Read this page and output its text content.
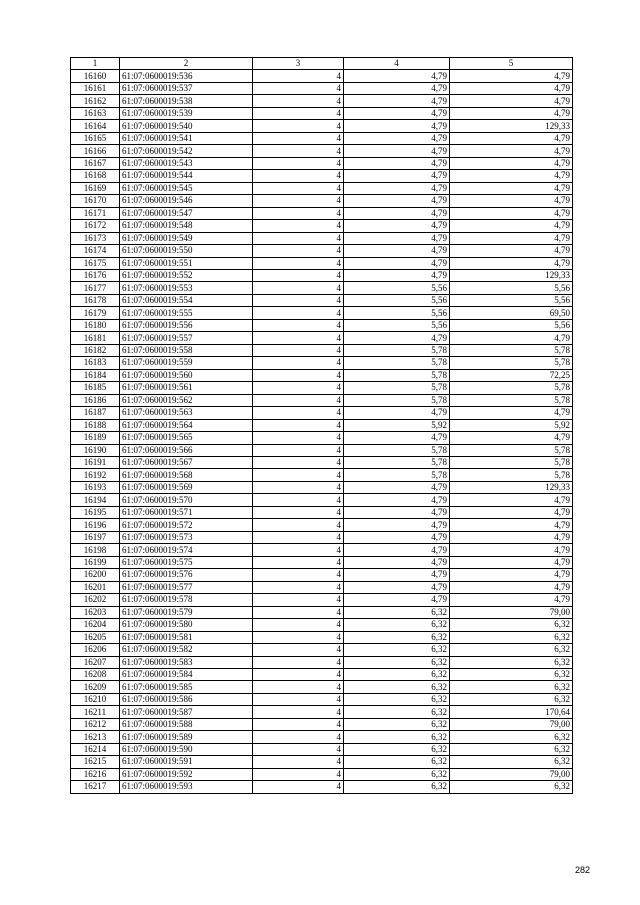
1	2	3	4	5
16160	61:07:0600019:536	4	4,79	4,79
16161	61:07:0600019:537	4	4,79	4,79
16162	61:07:0600019:538	4	4,79	4,79
16163	61:07:0600019:539	4	4,79	4,79
16164	61:07:0600019:540	4	4,79	129,33
16165	61:07:0600019:541	4	4,79	4,79
16166	61:07:0600019:542	4	4,79	4,79
16167	61:07:0600019:543	4	4,79	4,79
16168	61:07:0600019:544	4	4,79	4,79
16169	61:07:0600019:545	4	4,79	4,79
16170	61:07:0600019:546	4	4,79	4,79
16171	61:07:0600019:547	4	4,79	4,79
16172	61:07:0600019:548	4	4,79	4,79
16173	61:07:0600019:549	4	4,79	4,79
16174	61:07:0600019:550	4	4,79	4,79
16175	61:07:0600019:551	4	4,79	4,79
16176	61:07:0600019:552	4	4,79	129,33
16177	61:07:0600019:553	4	5,56	5,56
16178	61:07:0600019:554	4	5,56	5,56
16179	61:07:0600019:555	4	5,56	69,50
16180	61:07:0600019:556	4	5,56	5,56
16181	61:07:0600019:557	4	4,79	4,79
16182	61:07:0600019:558	4	5,78	5,78
16183	61:07:0600019:559	4	5,78	5,78
16184	61:07:0600019:560	4	5,78	72,25
16185	61:07:0600019:561	4	5,78	5,78
16186	61:07:0600019:562	4	5,78	5,78
16187	61:07:0600019:563	4	4,79	4,79
16188	61:07:0600019:564	4	5,92	5,92
16189	61:07:0600019:565	4	4,79	4,79
16190	61:07:0600019:566	4	5,78	5,78
16191	61:07:0600019:567	4	5,78	5,78
16192	61:07:0600019:568	4	5,78	5,78
16193	61:07:0600019:569	4	4,79	129,33
16194	61:07:0600019:570	4	4,79	4,79
16195	61:07:0600019:571	4	4,79	4,79
16196	61:07:0600019:572	4	4,79	4,79
16197	61:07:0600019:573	4	4,79	4,79
16198	61:07:0600019:574	4	4,79	4,79
16199	61:07:0600019:575	4	4,79	4,79
16200	61:07:0600019:576	4	4,79	4,79
16201	61:07:0600019:577	4	4,79	4,79
16202	61:07:0600019:578	4	4,79	4,79
16203	61:07:0600019:579	4	6,32	79,00
16204	61:07:0600019:580	4	6,32	6,32
16205	61:07:0600019:581	4	6,32	6,32
16206	61:07:0600019:582	4	6,32	6,32
16207	61:07:0600019:583	4	6,32	6,32
16208	61:07:0600019:584	4	6,32	6,32
16209	61:07:0600019:585	4	6,32	6,32
16210	61:07:0600019:586	4	6,32	6,32
16211	61:07:0600019:587	4	6,32	170,64
16212	61:07:0600019:588	4	6,32	79,00
16213	61:07:0600019:589	4	6,32	6,32
16214	61:07:0600019:590	4	6,32	6,32
16215	61:07:0600019:591	4	6,32	6,32
16216	61:07:0600019:592	4	6,32	79,00
16217	61:07:0600019:593	4	6,32	6,32
282
